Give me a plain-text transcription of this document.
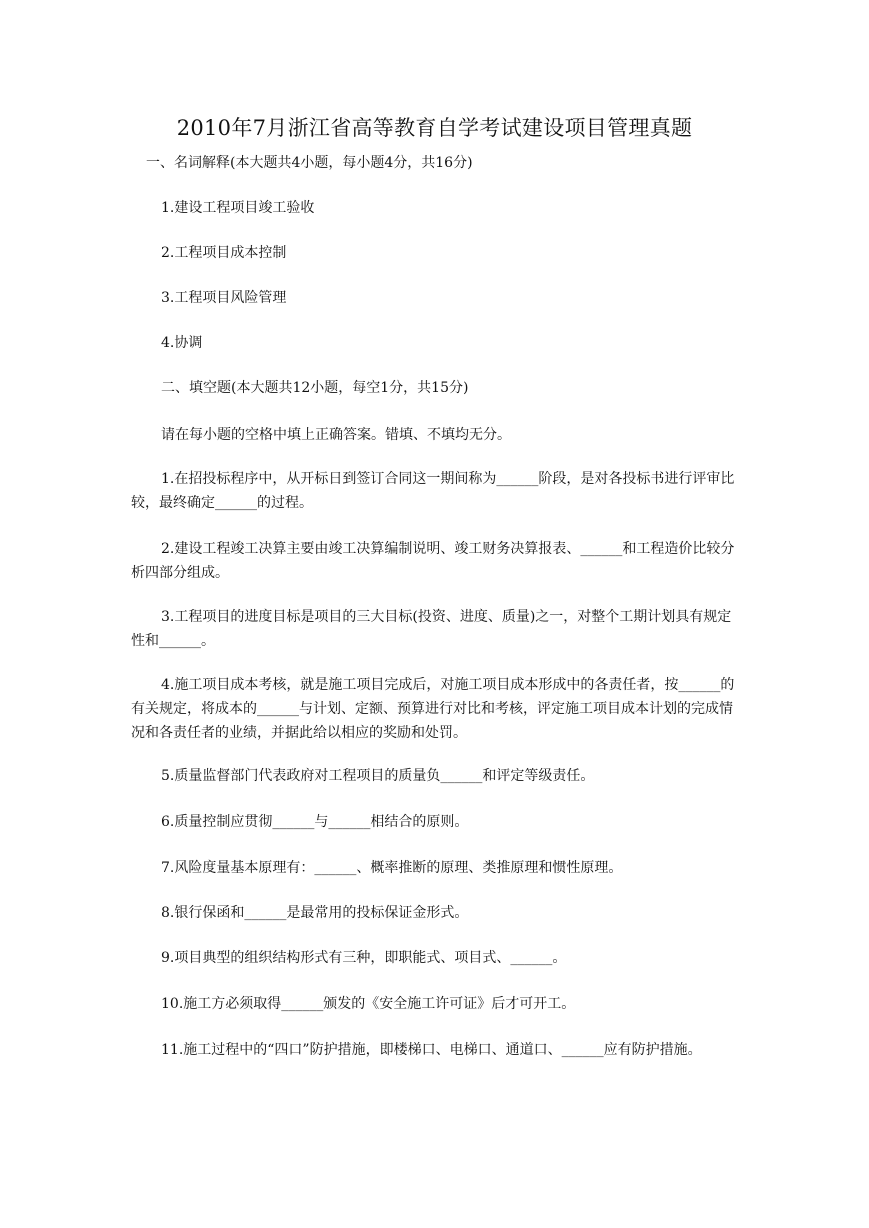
2010年7月浙江省高等教育自学考试建设项目管理真题
一、名词解释(本大题共4小题，每小题4分，共16分)
1.建设工程项目竣工验收
2.工程项目成本控制
3.工程项目风险管理
4.协调
二、填空题(本大题共12小题，每空1分，共15分)
请在每小题的空格中填上正确答案。错填、不填均无分。
1.在招投标程序中，从开标日到签订合同这一期间称为______阶段，是对各投标书进行评审比较，最终确定______的过程。
2.建设工程竣工决算主要由竣工决算编制说明、竣工财务决算报表、______和工程造价比较分析四部分组成。
3.工程项目的进度目标是项目的三大目标(投资、进度、质量)之一，对整个工期计划具有规定性和______。
4.施工项目成本考核，就是施工项目完成后，对施工项目成本形成中的各责任者，按______的有关规定，将成本的______与计划、定额、预算进行对比和考核，评定施工项目成本计划的完成情况和各责任者的业绩，并据此给以相应的奖励和处罚。
5.质量监督部门代表政府对工程项目的质量负______和评定等级责任。
6.质量控制应贯彻______与______相结合的原则。
7.风险度量基本原理有：______、概率推断的原理、类推原理和惯性原理。
8.银行保函和______是最常用的投标保证金形式。
9.项目典型的组织结构形式有三种，即职能式、项目式、______。
10.施工方必须取得______颁发的《安全施工许可证》后才可开工。
11.施工过程中的“四口”防护措施，即楼梯口、电梯口、通道口、______应有防护措施。
